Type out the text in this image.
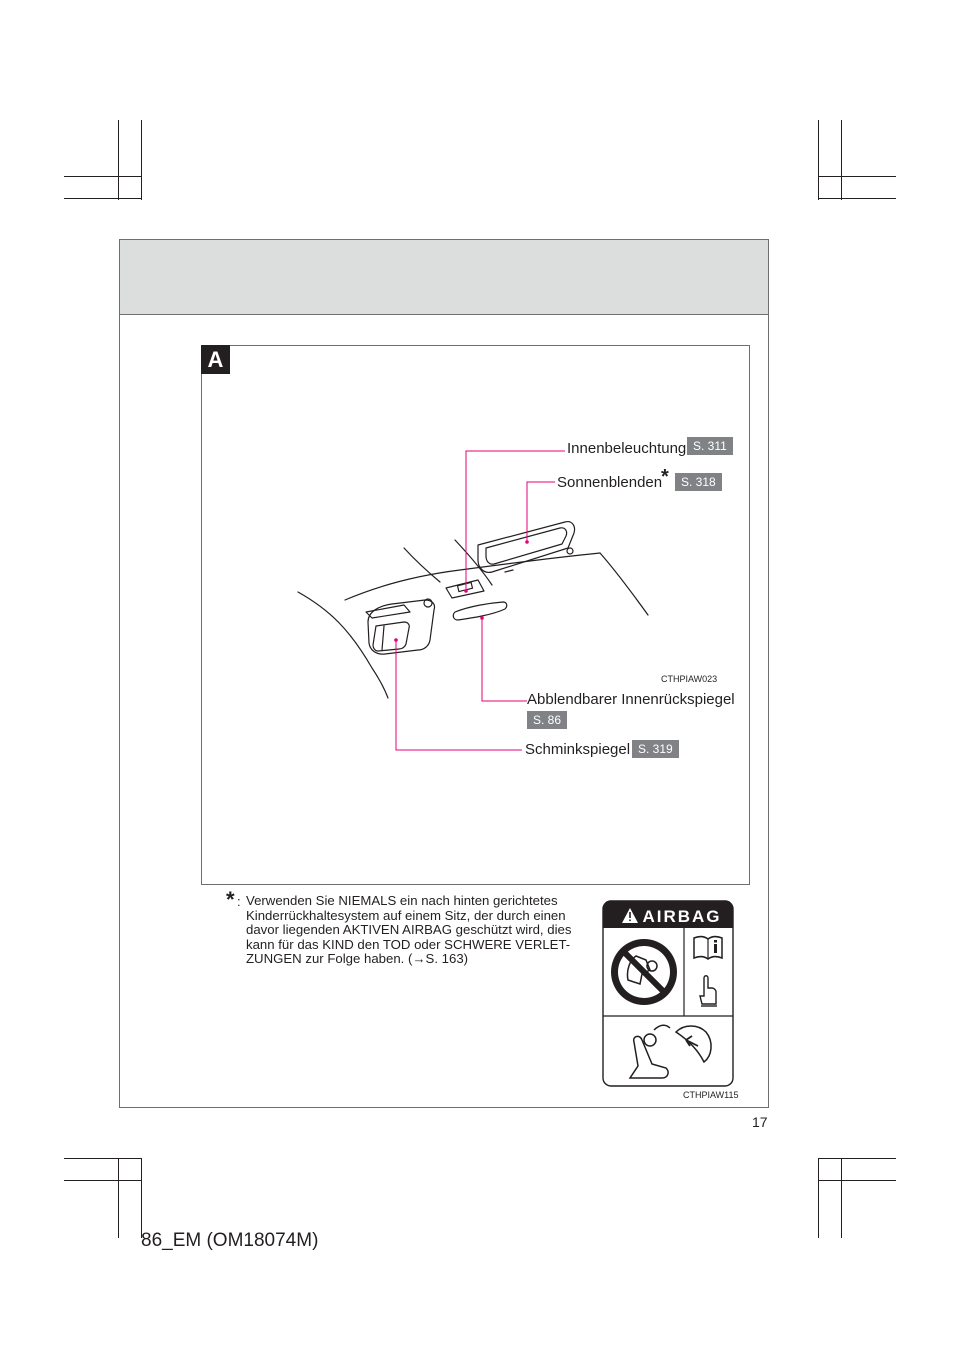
A
Innenbeleuchtung S. 311
Sonnenblenden
*	S. 318
CTHPIAW023
Abblendbarer Innenrückspiegel
S. 86
Schminkspiegel S. 319
* : Verwenden Sie NIEMALS ein nach hinten gerichtetes Kinderrückhaltesystem auf einem Sitz, der durch einen davor liegenden AKTIVEN AIRBAG geschützt wird, dies kann für das KIND den TOD oder SCHWERE VERLET-ZUNGEN zur Folge haben. (→S. 163)
AIRBAG
CTHPIAW115
17
86_EM (OM18074M)
